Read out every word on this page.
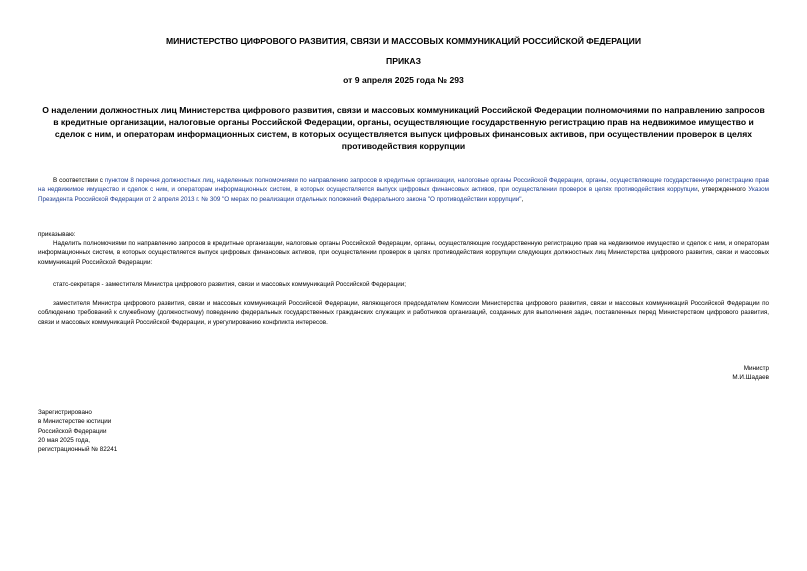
МИНИСТЕРСТВО ЦИФРОВОГО РАЗВИТИЯ, СВЯЗИ И МАССОВЫХ КОММУНИКАЦИЙ РОССИЙСКОЙ ФЕДЕРАЦИИ
ПРИКАЗ
от 9 апреля 2025 года № 293
О наделении должностных лиц Министерства цифрового развития, связи и массовых коммуникаций Российской Федерации полномочиями по направлению запросов в кредитные организации, налоговые органы Российской Федерации, органы, осуществляющие государственную регистрацию прав на недвижимое имущество и сделок с ним, и операторам информационных систем, в которых осуществляется выпуск цифровых финансовых активов, при осуществлении проверок в целях противодействия коррупции
В соответствии с пунктом 8 перечня должностных лиц, наделенных полномочиями по направлению запросов в кредитные организации, налоговые органы Российской Федерации, органы, осуществляющие государственную регистрацию прав на недвижимое имущество и сделок с ним, и операторам информационных систем, в которых осуществляется выпуск цифровых финансовых активов, при осуществлении проверок в целях противодействия коррупции, утвержденного Указом Президента Российской Федерации от 2 апреля 2013 г. № 309 "О мерах по реализации отдельных положений Федерального закона "О противодействии коррупции",
приказываю:
Наделить полномочиями по направлению запросов в кредитные организации, налоговые органы Российской Федерации, органы, осуществляющие государственную регистрацию прав на недвижимое имущество и сделок с ним, и операторам информационных систем, в которых осуществляется выпуск цифровых финансовых активов, при осуществлении проверок в целях противодействия коррупции следующих должностных лиц Министерства цифрового развития, связи и массовых коммуникаций Российской Федерации:
статс-секретаря - заместителя Министра цифрового развития, связи и массовых коммуникаций Российской Федерации;
заместителя Министра цифрового развития, связи и массовых коммуникаций Российской Федерации, являющегося председателем Комиссии Министерства цифрового развития, связи и массовых коммуникаций Российской Федерации по соблюдению требований к служебному (должностному) поведению федеральных государственных гражданских служащих и работников организаций, созданных для выполнения задач, поставленных перед Министерством цифрового развития, связи и массовых коммуникаций Российской Федерации, и урегулированию конфликта интересов.
Министр
М.И.Шадаев
Зарегистрировано
в Министерстве юстиции
Российской Федерации
20 мая 2025 года,
регистрационный № 82241
